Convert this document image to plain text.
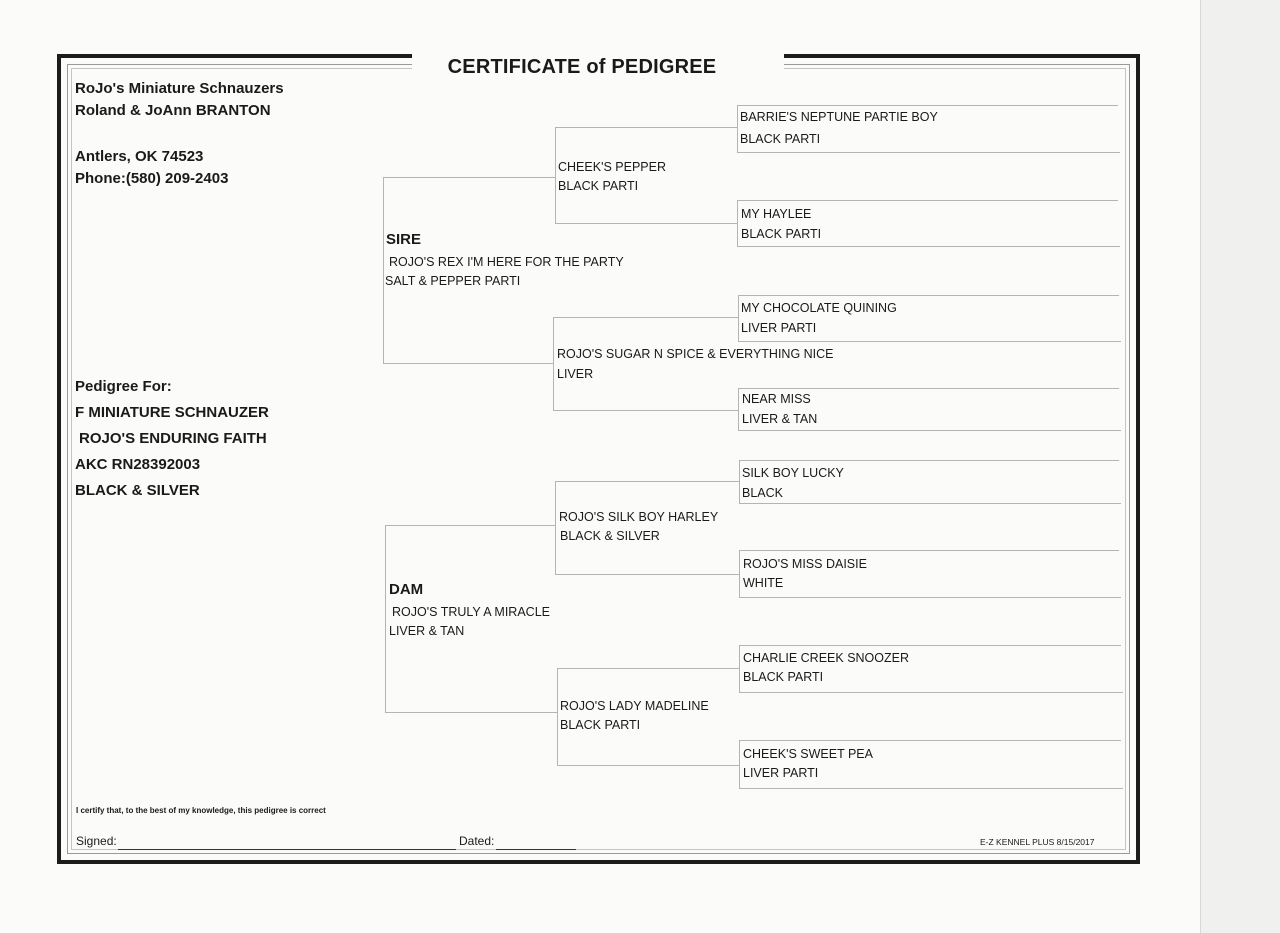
CERTIFICATE of PEDIGREE
RoJo's Miniature Schnauzers
Roland & JoAnn BRANTON
Antlers, OK 74523
Phone:(580) 209-2403
Pedigree For:
F MINIATURE SCHNAUZER
ROJO'S ENDURING FAITH
AKC RN28392003
BLACK & SILVER
SIRE
ROJO'S REX I'M HERE FOR THE PARTY
SALT & PEPPER PARTI
CHEEK'S PEPPER
BLACK PARTI
BARRIE'S NEPTUNE PARTIE BOY
BLACK PARTI
MY HAYLEE
BLACK PARTI
ROJO'S SUGAR N SPICE & EVERYTHING NICE
LIVER
MY CHOCOLATE QUINING
LIVER PARTI
NEAR MISS
LIVER & TAN
DAM
ROJO'S TRULY A MIRACLE
LIVER & TAN
ROJO'S SILK BOY HARLEY
BLACK & SILVER
SILK BOY LUCKY
BLACK
ROJO'S MISS DAISIE
WHITE
ROJO'S LADY MADELINE
BLACK PARTI
CHARLIE CREEK SNOOZER
BLACK PARTI
CHEEK'S SWEET PEA
LIVER PARTI
I certify that, to the best of my knowledge, this pedigree is correct
Signed:	Dated:	E-Z KENNEL PLUS 8/15/2017
